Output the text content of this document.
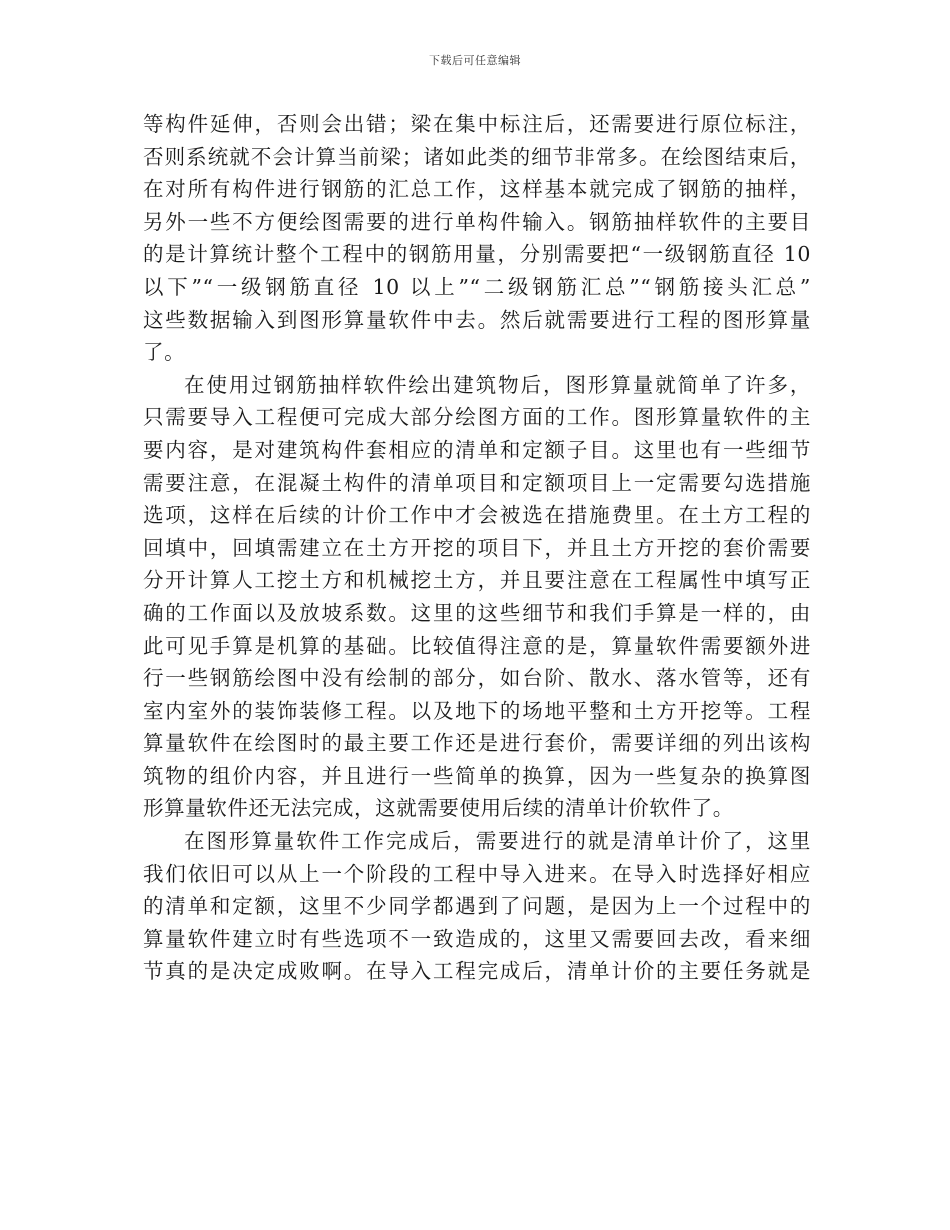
下载后可任意编辑
等构件延伸，否则会出错；梁在集中标注后，还需要进行原位标注，
否则系统就不会计算当前梁；诸如此类的细节非常多。在绘图结束后，
在对所有构件进行钢筋的汇总工作，这样基本就完成了钢筋的抽样，
另外一些不方便绘图需要的进行单构件输入。钢筋抽样软件的主要目
的是计算统计整个工程中的钢筋用量，分别需要把“一级钢筋直径 10
以下”“一级钢筋直径 10 以上”“二级钢筋汇总”“钢筋接头汇总”
这些数据输入到图形算量软件中去。然后就需要进行工程的图形算量
了。
在使用过钢筋抽样软件绘出建筑物后，图形算量就简单了许多，
只需要导入工程便可完成大部分绘图方面的工作。图形算量软件的主
要内容，是对建筑构件套相应的清单和定额子目。这里也有一些细节
需要注意，在混凝土构件的清单项目和定额项目上一定需要勾选措施
选项，这样在后续的计价工作中才会被选在措施费里。在土方工程的
回填中，回填需建立在土方开挖的项目下，并且土方开挖的套价需要
分开计算人工挖土方和机械挖土方，并且要注意在工程属性中填写正
确的工作面以及放坡系数。这里的这些细节和我们手算是一样的，由
此可见手算是机算的基础。比较值得注意的是，算量软件需要额外进
行一些钢筋绘图中没有绘制的部分，如台阶、散水、落水管等，还有
室内室外的装饰装修工程。以及地下的场地平整和土方开挖等。工程
算量软件在绘图时的最主要工作还是进行套价，需要详细的列出该构
筑物的组价内容，并且进行一些简单的换算，因为一些复杂的换算图
形算量软件还无法完成，这就需要使用后续的清单计价软件了。
在图形算量软件工作完成后，需要进行的就是清单计价了，这里
我们依旧可以从上一个阶段的工程中导入进来。在导入时选择好相应
的清单和定额，这里不少同学都遇到了问题，是因为上一个过程中的
算量软件建立时有些选项不一致造成的，这里又需要回去改，看来细
节真的是决定成败啊。在导入工程完成后，清单计价的主要任务就是
